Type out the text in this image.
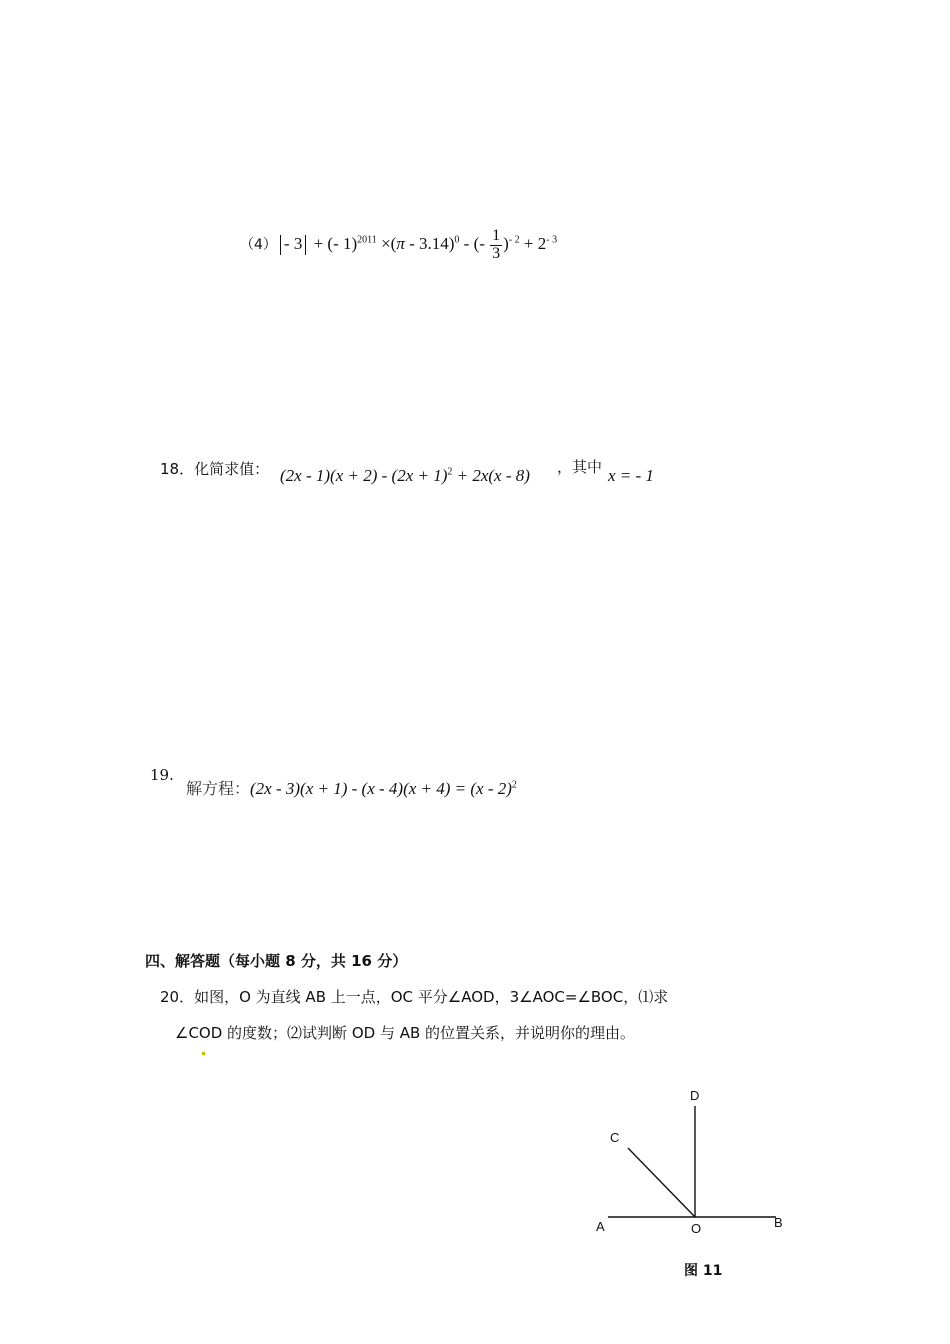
（4） - 3 + (- 1)$^{2011}$ ×(π - 3.14)$^0$ - (- $\frac{1}{3} )^{- 2} + 2^{- 3}$
18．化简求值： $(2x - 1)(x + 2) - (2x + 1)^2 + 2x(x - 8)$ ，其中 x = - 1
19.
解方程：(2x - 3)(x + 1) - (x - 4)(x + 4) = (x - 2)$^2$
四、解答题（每小题 8 分，共 16 分）
20．如图，O 为直线 AB 上一点，OC 平分∠AOD，3∠AOC=∠BOC，⑴求
∠COD 的度数；⑵试判断 OD 与 AB 的位置关系，并说明你的理由。
A	O	B
C
D
图 11
